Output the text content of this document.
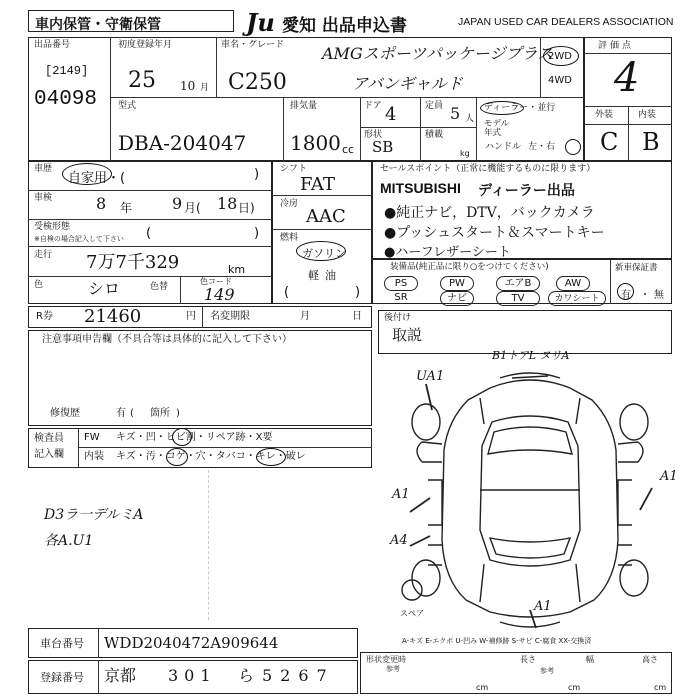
車内保管・守衛保管	Ju 愛知 出品申込書	JAPAN USED CAR DEALERS ASSOCIATION
出品番号
[2149]
04098
初度登録年月
25 10 月
車名・グレード
C250
AMGスポーツパッケージプラス
アバンギャルド
2WD
4WD
評価点
4
外装	内装
C B
型式
DBA-204047
排気量
1800 cc
ドア 4	定員 5 人
形状
SB
積載
kg
ディーラー・並行
モデル年式
ハンドル 左・右
車歴
自家用・(	)
車検	8 年 9 月( 18 日)
受検形態
※自検の場合記入して下さい (	)
走行 7万7千329	km
色	シロ	色替
色コード
149
シフト
FAT
冷房
AAC
燃料
ガソリン
軽油
(	)
セールスポイント（正常に機能するものに限ります）
MITSUBISHI ディーラー出品
●純正ナビ，DTV，バックカメラ
●プッシュスタート＆スマートキー
●ハーフレザーシート
装備品(純正品に限り○をつけてください)
PS	PW	エアB	AW
SR	ナビ	TV	カワシート
新車保証書
有 ・ 無
R券 21460	円 名変期限	月	日 後付け
取説
注意事項申告欄（不具合等は具体的に記入して下さい）
修復歴	有 ( 箇所 )
検査員
記入欄
FW キズ・凹・ヒビ割・リペア跡・X要
内装 キズ・汚・コゲ・穴・タバコ・キレ・破レ
D3ラ一デルミA
各A.U1
B1トアL ヌリA
UA1
A1
A1
A4
A1
スペア
A-キズ E-エクボ U-凹み W-補修跡 S-サビ C-腐食 XX-交換済
車台番号 WDD2040472A909644
登録番号 京都 301 ら 5267
形状変更時
参考
長さ	幅	高さ
参考
cm	cm	cm
